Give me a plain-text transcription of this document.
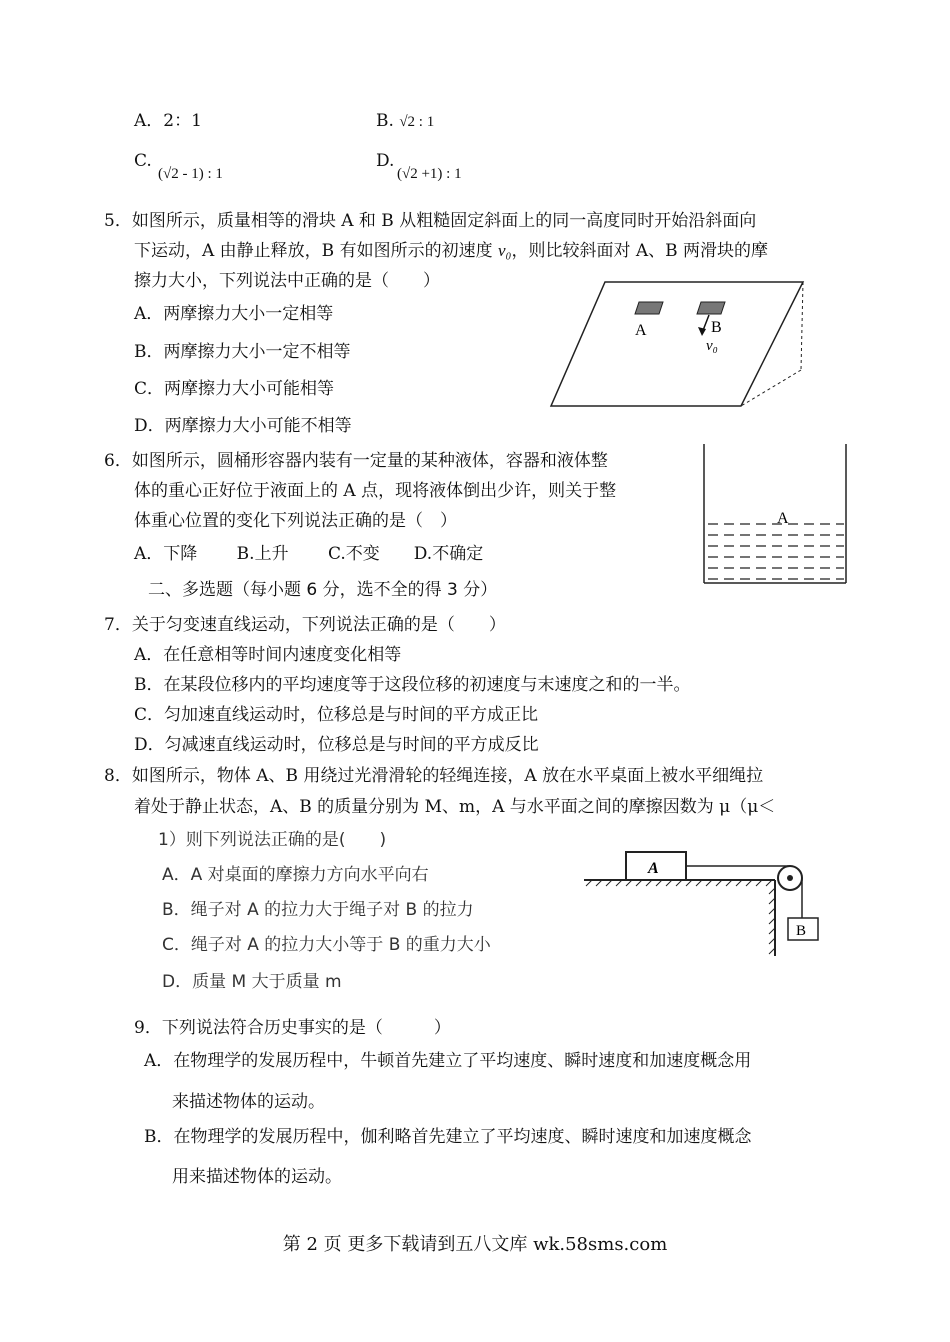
A．2：1	B. √2 : 1
C.
(√2 - 1) : 1
D.
(√2 +1) : 1
5．如图所示，质量相等的滑块 A 和 B 从粗糙固定斜面上的同一高度同时开始沿斜面向
下运动，A 由静止释放，B 有如图所示的初速度 v₀，则比较斜面对 A、B 两滑块的摩
擦力大小，下列说法中正确的是（　　）
A．两摩擦力大小一定相等
B．两摩擦力大小一定不相等
C．两摩擦力大小可能相等
D．两摩擦力大小可能不相等
A	B
v₀
6．如图所示，圆桶形容器内装有一定量的某种液体，容器和液体整
体的重心正好位于液面上的 A 点，现将液体倒出少许，则关于整
体重心位置的变化下列说法正确的是（　）
A．下降　　 B.上升　　 C.不变　　D.不确定
A
二、多选题（每小题 6 分，选不全的得 3 分）
7．关于匀变速直线运动，下列说法正确的是（　　）
A．在任意相等时间内速度变化相等
B．在某段位移内的平均速度等于这段位移的初速度与末速度之和的一半。
C．匀加速直线运动时，位移总是与时间的平方成正比
D．匀减速直线运动时，位移总是与时间的平方成反比
8．如图所示，物体 A、B 用绕过光滑滑轮的轻绳连接，A 放在水平桌面上被水平细绳拉
着处于静止状态，A、B 的质量分别为 M、m，A 与水平面之间的摩擦因数为 μ（μ＜
1）则下列说法正确的是(　　)
A．A 对桌面的摩擦力方向水平向右
B．绳子对 A 的拉力大于绳子对 B 的拉力
C．绳子对 A 的拉力大小等于 B 的重力大小
D．质量 M 大于质量 m
A
B
9．下列说法符合历史事实的是（　　　）
A．在物理学的发展历程中，牛顿首先建立了平均速度、瞬时速度和加速度概念用
来描述物体的运动。
B．在物理学的发展历程中，伽利略首先建立了平均速度、瞬时速度和加速度概念
用来描述物体的运动。
第 2 页 更多下载请到五八文库 wk.58sms.com
